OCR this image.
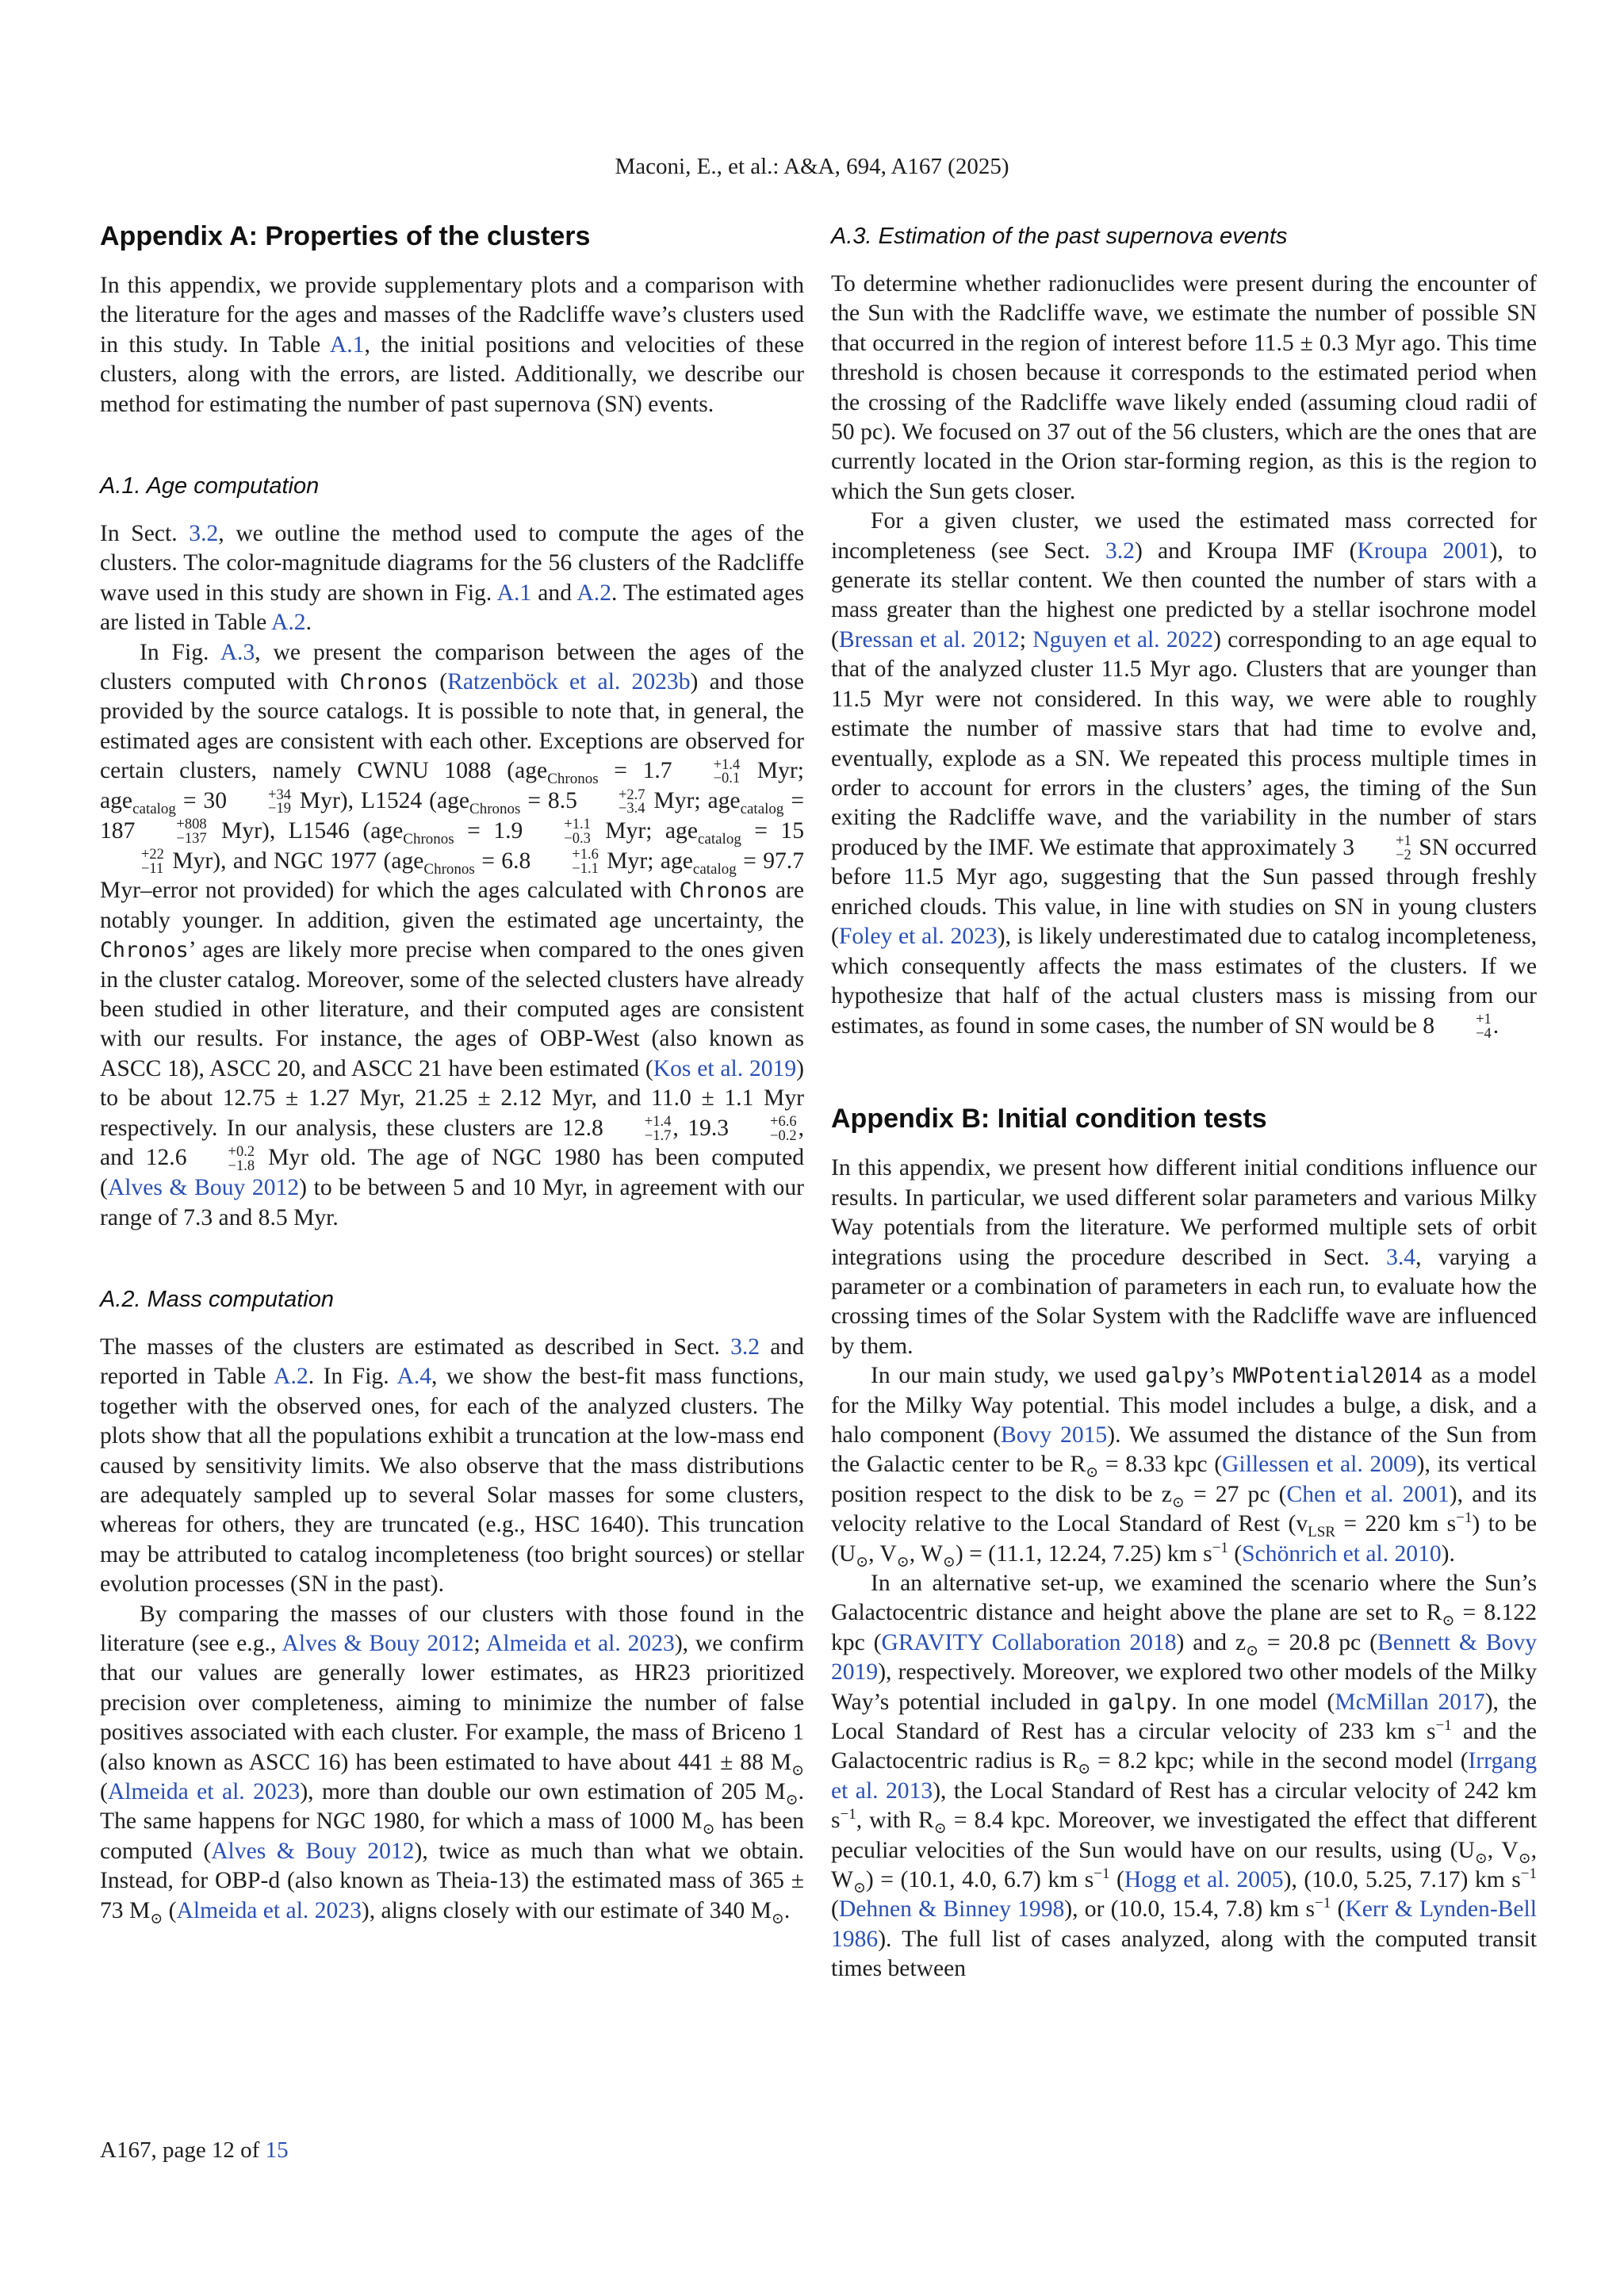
Maconi, E., et al.: A&A, 694, A167 (2025)
Appendix A: Properties of the clusters

In this appendix, we provide supplementary plots and a comparison with the literature for the ages and masses of the Radcliffe wave’s clusters used in this study. In Table A.1, the initial positions and velocities of these clusters, along with the errors, are listed. Additionally, we describe our method for estimating the number of past supernova (SN) events.

A.1. Age computation

In Sect. 3.2, we outline the method used to compute the ages of the clusters. The color-magnitude diagrams for the 56 clusters of the Radcliffe wave used in this study are shown in Fig. A.1 and A.2. The estimated ages are listed in Table A.2.

In Fig. A.3, we present the comparison between the ages of the clusters computed with Chronos (Ratzenböck et al. 2023b) and those provided by the source catalogs. It is possible to note that, in general, the estimated ages are consistent with each other. Exceptions are observed for certain clusters, namely CWNU 1088 (age$_{Chronos}$ = 1.7	+1.4
−0.1 Myr; age$_{catalog}$ = 30	+34
−19 Myr), L1524 (age$_{Chronos}$ = 8.5	+2.7
−3.4 Myr; age$_{catalog}$ = 187	+808
−137 Myr), L1546 (age$_{Chronos}$ = 1.9	+1.1
−0.3 Myr; age$_{catalog}$ = 15
+22
−11 Myr), and NGC 1977 (age$_{Chronos}$ = 6.8	+1.6
−1.1 Myr; age$_{catalog}$ = 97.7 Myr–error not provided) for which the ages calculated with Chronos are notably younger. In addition, given the estimated age uncertainty, the Chronos’ ages are likely more precise when compared to the ones given in the cluster catalog. Moreover, some of the selected clusters have already been studied in other literature, and their computed ages are consistent with our results. For instance, the ages of OBP-West (also known as ASCC 18), ASCC 20, and ASCC 21 have been estimated (Kos et al. 2019) to be about 12.75 ± 1.27 Myr, 21.25 ± 2.12 Myr, and 11.0 ± 1.1 Myr respectively. In our analysis, these clusters are 12.8	+1.4
−1.7 , 19.3	+6.6
−0.2 , and 12.6	+0.2
−1.8 Myr old. The age of NGC 1980 has been computed (Alves & Bouy 2012) to be between 5 and 10 Myr, in agreement with our range of 7.3 and 8.5 Myr.

A.2. Mass computation

The masses of the clusters are estimated as described in Sect. 3.2 and reported in Table A.2. In Fig. A.4, we show the best-fit mass functions, together with the observed ones, for each of the analyzed clusters. The plots show that all the populations exhibit a truncation at the low-mass end caused by sensitivity limits. We also observe that the mass distributions are adequately sampled up to several Solar masses for some clusters, whereas for others, they are truncated (e.g., HSC 1640). This truncation may be attributed to catalog incompleteness (too bright sources) or stellar evolution processes (SN in the past).

By comparing the masses of our clusters with those found in the literature (see e.g., Alves & Bouy 2012; Almeida et al. 2023), we confirm that our values are generally lower estimates, as HR23 prioritized precision over completeness, aiming to minimize the number of false positives associated with each cluster. For example, the mass of Briceno 1 (also known as ASCC 16) has been estimated to have about 441 ± 88 $M_⊙$ (Almeida et al. 2023), more than double our own estimation of 205 $M_⊙$. The same happens for NGC 1980, for which a mass of 1000 $M_⊙$ has been computed (Alves & Bouy 2012), twice as much than what we obtain. Instead, for OBP-d (also known as Theia-13) the estimated mass of 365 ± 73 $M_⊙$ (Almeida et al. 2023), aligns closely with our estimate of 340 $M_⊙$.

A.3. Estimation of the past supernova events

To determine whether radionuclides were present during the encounter of the Sun with the Radcliffe wave, we estimate the number of possible SN that occurred in the region of interest before 11.5 ± 0.3 Myr ago. This time threshold is chosen because it corresponds to the estimated period when the crossing of the Radcliffe wave likely ended (assuming cloud radii of 50 pc). We focused on 37 out of the 56 clusters, which are the ones that are currently located in the Orion star-forming region, as this is the region to which the Sun gets closer.

For a given cluster, we used the estimated mass corrected for incompleteness (see Sect. 3.2) and Kroupa IMF (Kroupa 2001), to generate its stellar content. We then counted the number of stars with a mass greater than the highest one predicted by a stellar isochrone model (Bressan et al. 2012; Nguyen et al. 2022) corresponding to an age equal to that of the analyzed cluster 11.5 Myr ago. Clusters that are younger than 11.5 Myr were not considered. In this way, we were able to roughly estimate the number of massive stars that had time to evolve and, eventually, explode as a SN. We repeated this process multiple times in order to account for errors in the clusters’ ages, the timing of the Sun exiting the Radcliffe wave, and the variability in the number of stars produced by the IMF. We estimate that approximately 3	+1
−2 SN occurred before 11.5 Myr ago, suggesting that the Sun passed through freshly enriched clouds. This value, in line with studies on SN in young clusters (Foley et al. 2023), is likely underestimated due to catalog incompleteness, which consequently affects the mass estimates of the clusters. If we hypothesize that half of the actual clusters mass is missing from our estimates, as found in some cases, the number of SN would be 8	+1
−4 .

Appendix B: Initial condition tests

In this appendix, we present how different initial conditions influence our results. In particular, we used different solar parameters and various Milky Way potentials from the literature. We performed multiple sets of orbit integrations using the procedure described in Sect. 3.4, varying a parameter or a combination of parameters in each run, to evaluate how the crossing times of the Solar System with the Radcliffe wave are influenced by them.

In our main study, we used galpy’s MWPotential2014 as a model for the Milky Way potential. This model includes a bulge, a disk, and a halo component (Bovy 2015). We assumed the distance of the Sun from the Galactic center to be $R_⊙ = 8.33$ kpc (Gillessen et al. 2009), its vertical position respect to the disk to be $z_⊙ = 27$ pc (Chen et al. 2001), and its velocity relative to the Local Standard of Rest ($v_{LSR} = 220$ km $s^{-1}$) to be ($U_⊙$, $V_⊙$, $W_⊙) = (11.1$, 12.24, 7.25) km $s^{-1}$ (Schönrich et al. 2010).

In an alternative set-up, we examined the scenario where the Sun’s Galactocentric distance and height above the plane are set to $R_⊙ = 8.122$ kpc (GRAVITY Collaboration 2018) and $z_⊙ = 20.8$ pc (Bennett & Bovy 2019), respectively. Moreover, we explored two other models of the Milky Way’s potential included in galpy. In one model (McMillan 2017), the Local Standard of Rest has a circular velocity of 233 km $s^{-1}$ and the Galactocentric radius is $R_⊙ = 8.2$ kpc; while in the second model (Irrgang et al. 2013), the Local Standard of Rest has a circular velocity of 242 km $s^{-1}$, with $R_⊙ = 8.4$ kpc. Moreover, we investigated the effect that different peculiar velocities of the Sun would have on our results, using ($U_⊙$, $V_⊙$, $W_⊙) = (10.1$, 4.0, 6.7) km $s^{-1}$ (Hogg et al. 2005), (10.0, 5.25, 7.17) km $s^{-1}$ (Dehnen & Binney 1998), or (10.0, 15.4, 7.8) km $s^{-1}$ (Kerr & Lynden-Bell 1986). The full list of cases analyzed, along with the computed transit times between

A167, page 12 of 15
